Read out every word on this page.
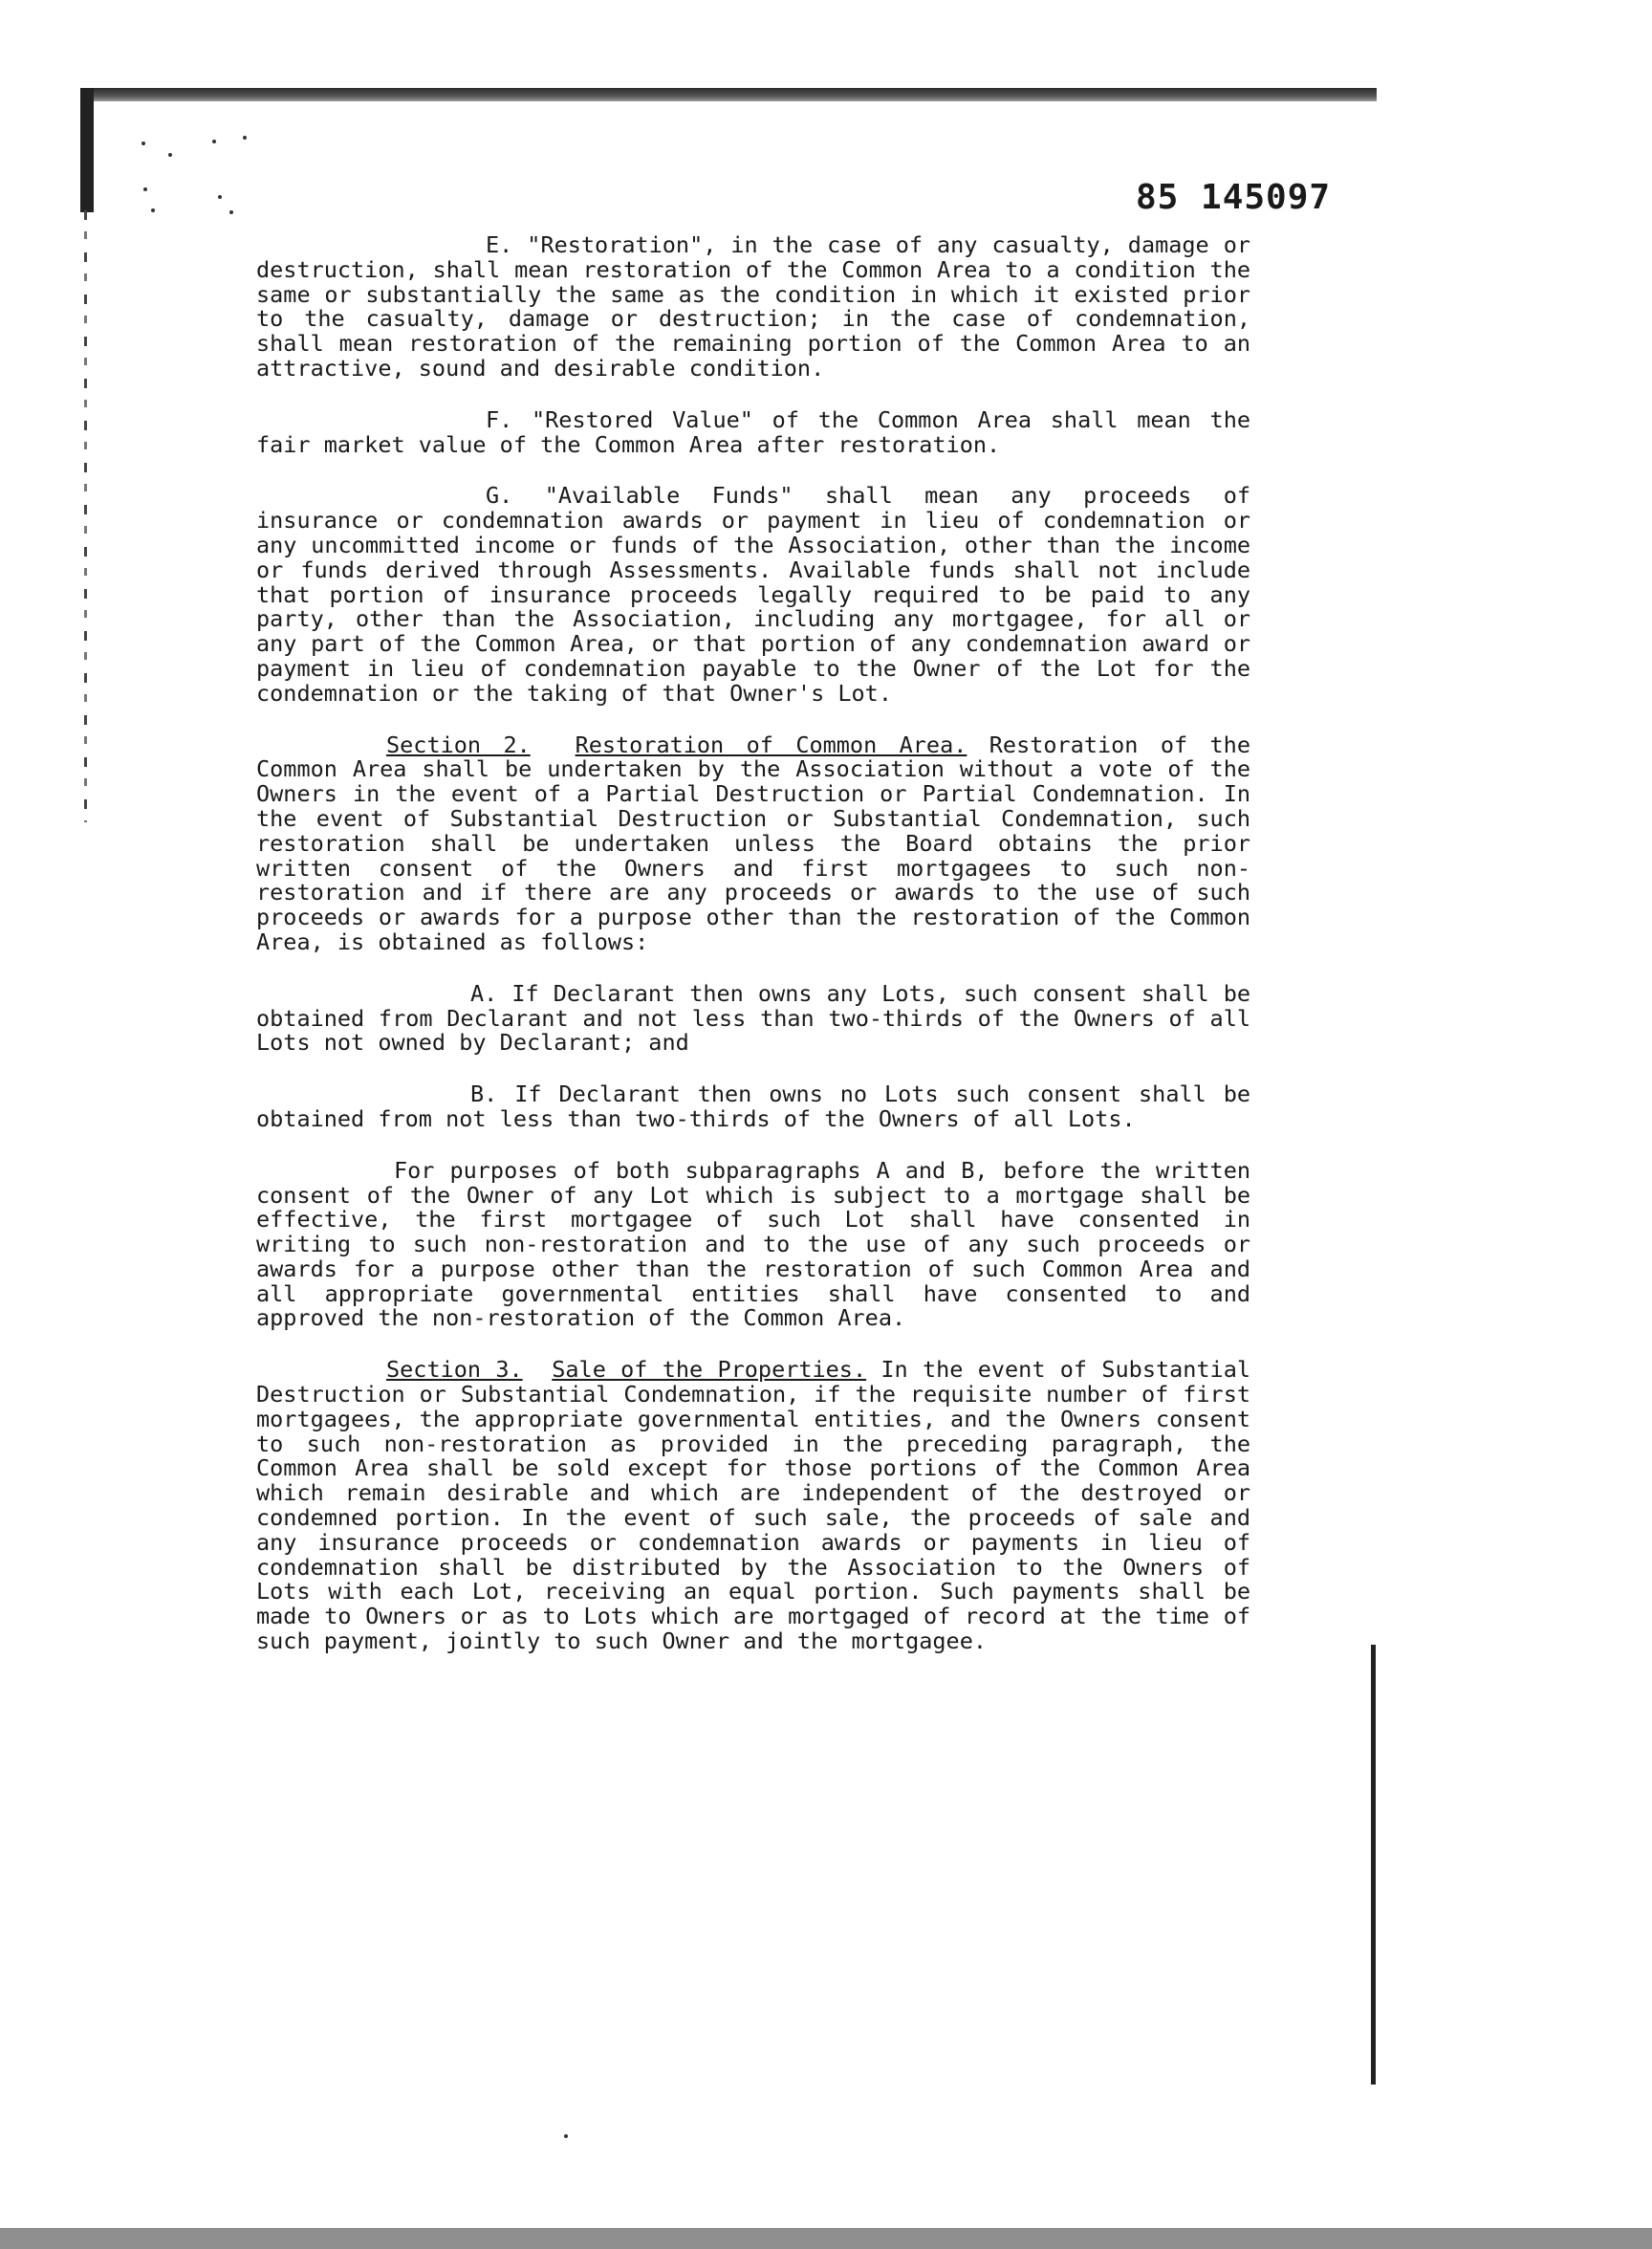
85 145097

E. "Restoration", in the case of any casualty, damage or destruction, shall mean restoration of the Common Area to a condition the same or substantially the same as the condition in which it existed prior to the casualty, damage or destruction; in the case of condemnation, shall mean restoration of the remaining portion of the Common Area to an attractive, sound and desirable condition.

F. "Restored Value" of the Common Area shall mean the fair market value of the Common Area after restoration.

G. "Available Funds" shall mean any proceeds of insurance or condemnation awards or payment in lieu of condemnation or any uncommitted income or funds of the Association, other than the income or funds derived through Assessments. Available funds shall not include that portion of insurance proceeds legally required to be paid to any party, other than the Association, including any mortgagee, for all or any part of the Common Area, or that portion of any condemnation award or payment in lieu of condemnation payable to the Owner of the Lot for the condemnation or the taking of that Owner's Lot.

Section 2. Restoration of Common Area. Restoration of the Common Area shall be undertaken by the Association without a vote of the Owners in the event of a Partial Destruction or Partial Condemnation. In the event of Substantial Destruction or Substantial Condemnation, such restoration shall be undertaken unless the Board obtains the prior written consent of the Owners and first mortgagees to such non-restoration and if there are any proceeds or awards to the use of such proceeds or awards for a purpose other than the restoration of the Common Area, is obtained as follows:

A. If Declarant then owns any Lots, such consent shall be obtained from Declarant and not less than two-thirds of the Owners of all Lots not owned by Declarant; and

B. If Declarant then owns no Lots such consent shall be obtained from not less than two-thirds of the Owners of all Lots.

For purposes of both subparagraphs A and B, before the written consent of the Owner of any Lot which is subject to a mortgage shall be effective, the first mortgagee of such Lot shall have consented in writing to such non-restoration and to the use of any such proceeds or awards for a purpose other than the restoration of such Common Area and all appropriate governmental entities shall have consented to and approved the non-restoration of the Common Area.

Section 3. Sale of the Properties. In the event of Substantial Destruction or Substantial Condemnation, if the requisite number of first mortgagees, the appropriate governmental entities, and the Owners consent to such non-restoration as provided in the preceding paragraph, the Common Area shall be sold except for those portions of the Common Area which remain desirable and which are independent of the destroyed or condemned portion. In the event of such sale, the proceeds of sale and any insurance proceeds or condemnation awards or payments in lieu of condemnation shall be distributed by the Association to the Owners of Lots with each Lot, receiving an equal portion. Such payments shall be made to Owners or as to Lots which are mortgaged of record at the time of such payment, jointly to such Owner and the mortgagee.
